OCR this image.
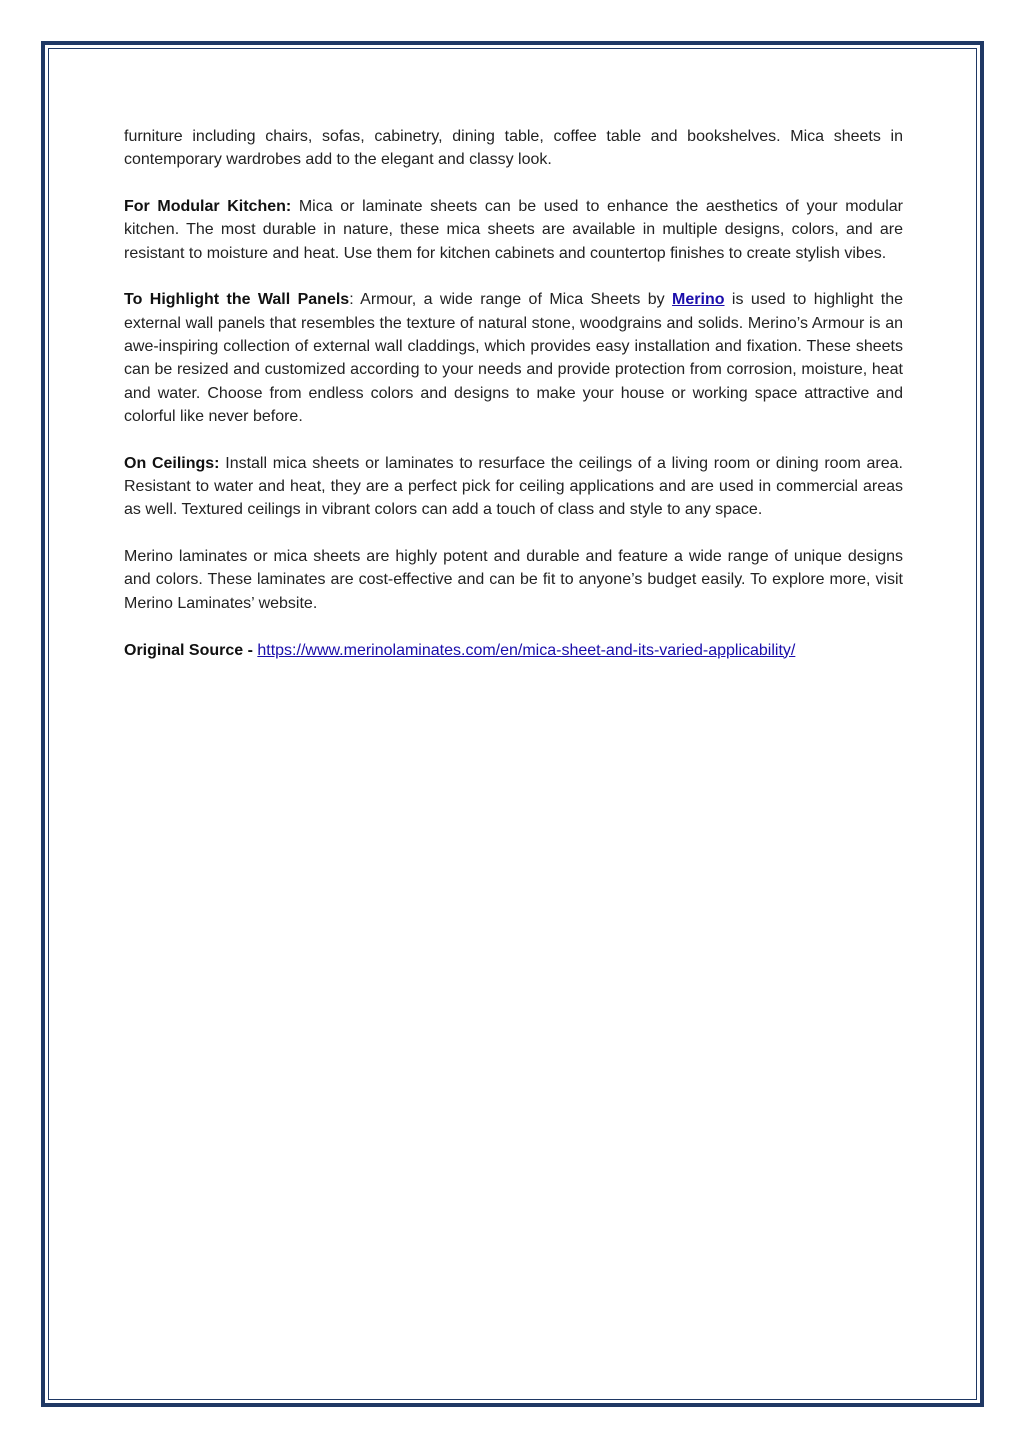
furniture including chairs, sofas, cabinetry, dining table, coffee table and bookshelves. Mica sheets in contemporary wardrobes add to the elegant and classy look.

For Modular Kitchen: Mica or laminate sheets can be used to enhance the aesthetics of your modular kitchen. The most durable in nature, these mica sheets are available in multiple designs, colors, and are resistant to moisture and heat. Use them for kitchen cabinets and countertop finishes to create stylish vibes.

To Highlight the Wall Panels: Armour, a wide range of Mica Sheets by Merino is used to highlight the external wall panels that resembles the texture of natural stone, woodgrains and solids. Merino’s Armour is an awe-inspiring collection of external wall claddings, which provides easy installation and fixation. These sheets can be resized and customized according to your needs and provide protection from corrosion, moisture, heat and water. Choose from endless colors and designs to make your house or working space attractive and colorful like never before.

On Ceilings: Install mica sheets or laminates to resurface the ceilings of a living room or dining room area. Resistant to water and heat, they are a perfect pick for ceiling applications and are used in commercial areas as well. Textured ceilings in vibrant colors can add a touch of class and style to any space.

Merino laminates or mica sheets are highly potent and durable and feature a wide range of unique designs and colors. These laminates are cost-effective and can be fit to anyone’s budget easily. To explore more, visit Merino Laminates’ website.

Original Source - https://www.merinolaminates.com/en/mica-sheet-and-its-varied-applicability/
